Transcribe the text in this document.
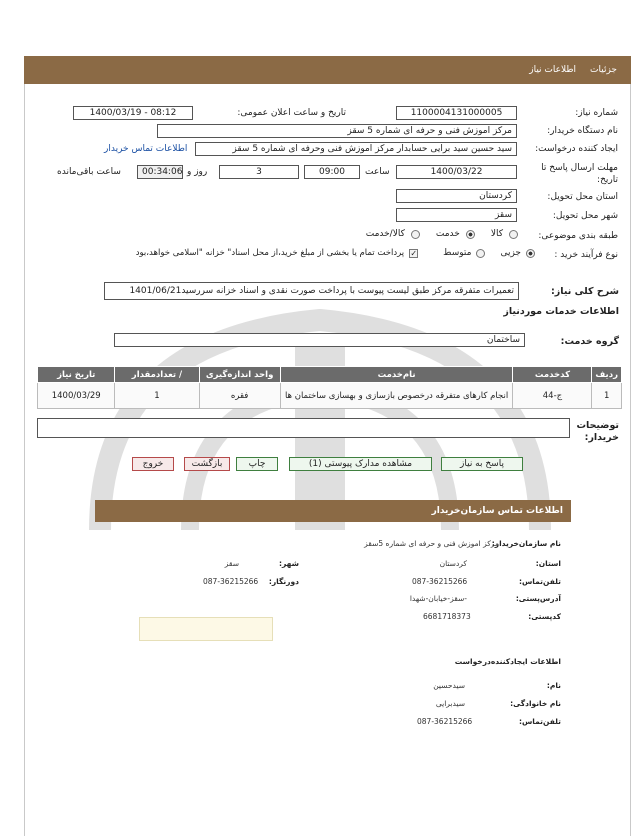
جزئیات
اطلاعات نیاز
شماره نیاز:
1100004131000005
تاریخ و ساعت اعلان عمومی:
1400/03/19 - 08:12
نام دستگاه خریدار:
مرکز اموزش فنی و حرفه ای شماره 5 سقز
ایجاد کننده درخواست:
سید حسین سید برایی حسابدار مرکز اموزش فنی وحرفه ای شماره 5 سقز
اطلاعات تماس خریدار
مهلت ارسال پاسخ تا تاریخ:
1400/03/22
ساعت
09:00
3
روز و
00:34:06
ساعت باقی‌مانده
استان محل تحویل:
کردستان
شهر محل تحویل:
سقز
طبقه بندی موضوعی:
کالا
خدمت
کالا/خدمت
نوع فرآیند خرید :
جزیی
متوسط
✓
پرداخت تمام یا بخشی از مبلغ خرید،از محل اسناد" خزانه "اسلامی خواهد،بود
شرح کلی نیاز:
تعمیرات متفرقه مرکز طبق لیست پیوست با پرداخت صورت نقدی و اسناد خزانه سررسید1401/06/21
اطلاعات خدمات مورد‌نیاز
گروه خدمت:
ساختمان
ردیف	کدخدمت	نام‌خدمت	واحد اندازه‌گیری	/ تعدادمقدار	تاریخ نیاز
1	ج-44	انجام کارهای متفرقه درخصوص بازسازی و بهسازی ساختمان ها	فقره	1	1400/03/29
توضیحات خریدار:
پاسخ به نیاز
مشاهده مدارک پیوستی (1)
چاپ
بازگشت
خروج
اطلاعات تماس سازمان‌خریدار
نام سازمان‌خریدار:
مرکز اموزش فنی و حرفه ای شماره 5سقز
استان:
کردستان
شهر:
سقز
تلفن‌تماس:
087-36215266
دورنگار:
087-36215266
آدرس‌پستی:
-سقز-خیابان-شهدا
کدپستی:
6681718373
اطلاعات ایجادکننده‌درخواست
نام:
سیدحسین
نام خانوادگی:
سیدبرایی
تلفن‌تماس:
087-36215266
